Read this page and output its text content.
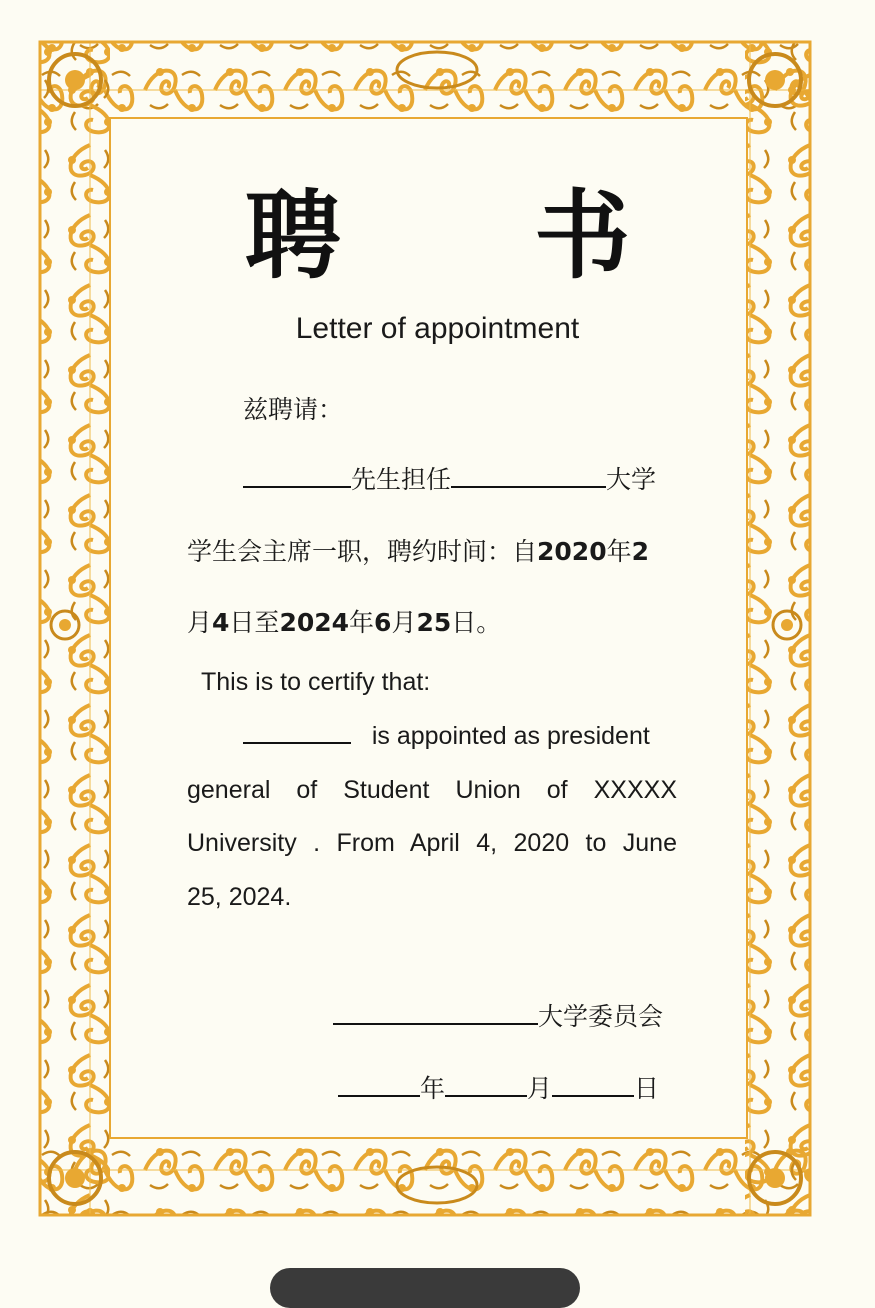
聘 书
Letter of appointment
兹聘请：
先生担任	大学
学生会主席一职，聘约时间：自2020年2
月4日至2024年6月25日。
This is to certify that:
is appointed as president
general of Student Union of XXXXX
University . From April 4, 2020 to June
25, 2024.
大学委员会
年	月	日
